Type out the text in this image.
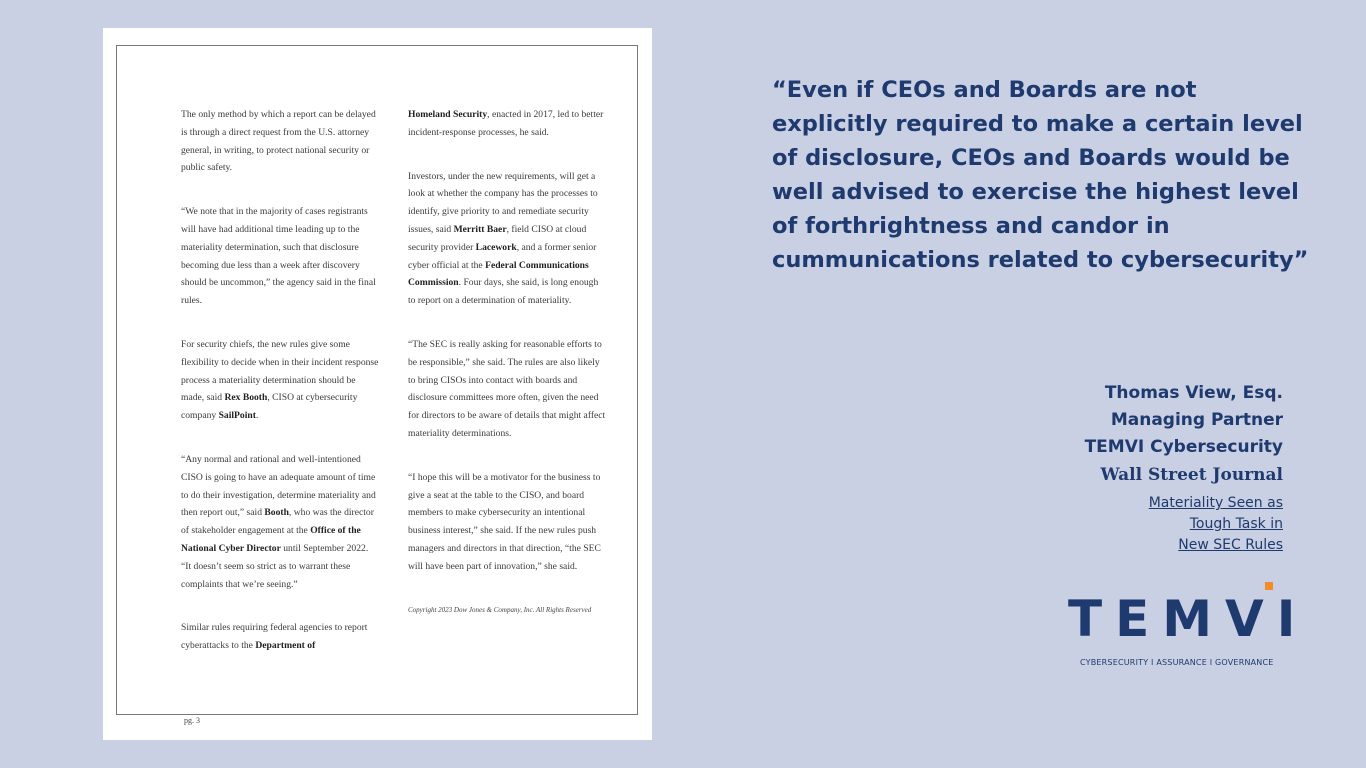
The only method by which a report can be delayed is through a direct request from the U.S. attorney general, in writing, to protect national security or public safety.

“We note that in the majority of cases registrants will have had additional time leading up to the materiality determination, such that disclosure becoming due less than a week after discovery should be uncommon,” the agency said in the final rules.

For security chiefs, the new rules give some flexibility to decide when in their incident response process a materiality determination should be made, said Rex Booth, CISO at cybersecurity company SailPoint.

“Any normal and rational and well-intentioned CISO is going to have an adequate amount of time to do their investigation, determine materiality and then report out,” said Booth, who was the director of stakeholder engagement at the Office of the National Cyber Director until September 2022. “It doesn’t seem so strict as to warrant these complaints that we’re seeing.”

Similar rules requiring federal agencies to report cyberattacks to the Department of

Homeland Security, enacted in 2017, led to better incident-response processes, he said.

Investors, under the new requirements, will get a look at whether the company has the processes to identify, give priority to and remediate security issues, said Merritt Baer, field CISO at cloud security provider Lacework, and a former senior cyber official at the Federal Communications Commission. Four days, she said, is long enough to report on a determination of materiality.

“The SEC is really asking for reasonable efforts to be responsible,” she said. The rules are also likely to bring CISOs into contact with boards and disclosure committees more often, given the need for directors to be aware of details that might affect materiality determinations.

“I hope this will be a motivator for the business to give a seat at the table to the CISO, and board members to make cybersecurity an intentional business interest,” she said. If the new rules push managers and directors in that direction, “the SEC will have been part of innovation,” she said.

Copyright 2023 Dow Jones & Company, Inc. All Rights Reserved
pg. 3

“Even if CEOs and Boards are not explicitly required to make a certain level of disclosure, CEOs and Boards would be well advised to exercise the highest level of forthrightness and candor in cummunications related to cybersecurity”

Thomas View, Esq.
Managing Partner
TEMVI Cybersecurity
Wall Street Journal
Materiality Seen as
Tough Task in
New SEC Rules
TEMVI
CYBERSECURITY I ASSURANCE I GOVERNANCE
